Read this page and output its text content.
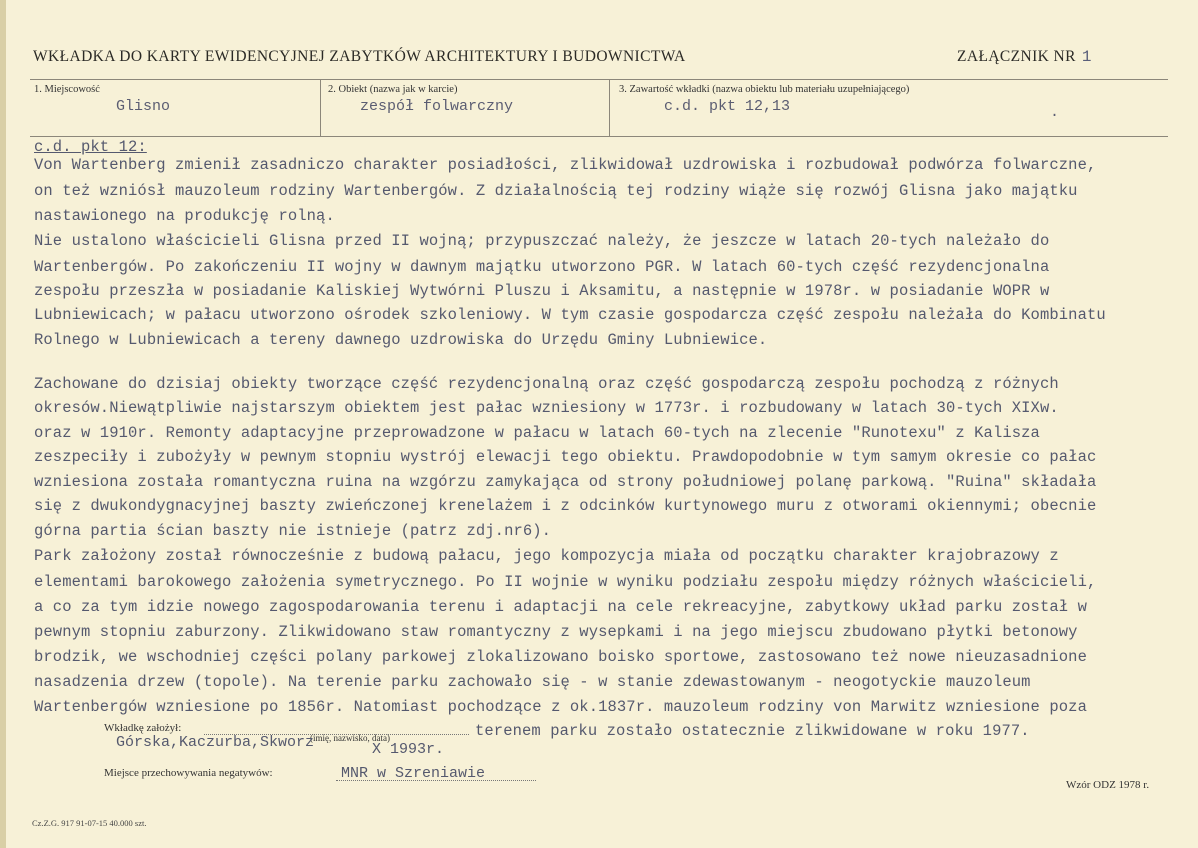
WKŁADKA DO KARTY EWIDENCYJNEJ ZABYTKÓW ARCHITEKTURY I BUDOWNICTWA	ZAŁĄCZNIK NR 1
1. Miejscowość
Glisno
2. Obiekt (nazwa jak w karcie)
zespół folwarczny
3. Zawartość wkładki (nazwa obiektu lub materiału uzupełniającego)
c.d. pkt 12,13	.
c.d. pkt 12:
Von Wartenberg zmienił zasadniczo charakter posiadłości, zlikwidował uzdrowiska i rozbudował podwórza folwarczne,
on też wzniósł mauzoleum rodziny Wartenbergów. Z działalnością tej rodziny wiąże się rozwój Glisna jako majątku
nastawionego na produkcję rolną.
Nie ustalono właścicieli Glisna przed II wojną; przypuszczać należy, że jeszcze w latach 20-tych należało do
Wartenbergów. Po zakończeniu II wojny w dawnym majątku utworzono PGR. W latach 60-tych część rezydencjonalna
zespołu przeszła w posiadanie Kaliskiej Wytwórni Pluszu i Aksamitu, a następnie w 1978r. w posiadanie WOPR w
Lubniewicach; w pałacu utworzono ośrodek szkoleniowy. W tym czasie gospodarcza część zespołu należała do Kombinatu
Rolnego w Lubniewicach a tereny dawnego uzdrowiska do Urzędu Gminy Lubniewice.
Zachowane do dzisiaj obiekty tworzące część rezydencjonalną oraz część gospodarczą zespołu pochodzą z różnych
okresów.Niewątpliwie najstarszym obiektem jest pałac wzniesiony w 1773r. i rozbudowany w latach 30-tych XIXw.
oraz w 1910r. Remonty adaptacyjne przeprowadzone w pałacu w latach 60-tych na zlecenie "Runotexu" z Kalisza
zeszpeciły i zubożyły w pewnym stopniu wystrój elewacji tego obiektu. Prawdopodobnie w tym samym okresie co pałac
wzniesiona została romantyczna ruina na wzgórzu zamykająca od strony południowej polanę parkową. "Ruina" składała
się z dwukondygnacyjnej baszty zwieńczonej krenelażem i z odcinków kurtynowego muru z otworami okiennymi; obecnie
górna partia ścian baszty nie istnieje (patrz zdj.nr6).
Park założony został równocześnie z budową pałacu, jego kompozycja miała od początku charakter krajobrazowy z
elementami barokowego założenia symetrycznego. Po II wojnie w wyniku podziału zespołu między różnych właścicieli,
a co za tym idzie nowego zagospodarowania terenu i adaptacji na cele rekreacyjne, zabytkowy układ parku został w
pewnym stopniu zaburzony. Zlikwidowano staw romantyczny z wysepkami i na jego miejscu zbudowano płytki betonowy
brodzik, we wschodniej części polany parkowej zlokalizowano boisko sportowe, zastosowano też nowe nieuzasadnione
nasadzenia drzew (topole). Na terenie parku zachowało się - w stanie zdewastowanym - neogotyckie mauzoleum
Wartenbergów wzniesione po 1856r. Natomiast pochodzące z ok.1837r. mauzoleum rodziny von Marwitz wzniesione poza
terenem parku zostało ostatecznie zlikwidowane w roku 1977.
Wkładkę założył:
(imię, nazwisko, data)
Górska,Kaczurba,Skworz	X 1993r.
Miejsce przechowywania negatywów:	MNR w Szreniawie
Cz.Z.G. 917 91-07-15 40.000 szt.
Wzór ODZ 1978 r.
